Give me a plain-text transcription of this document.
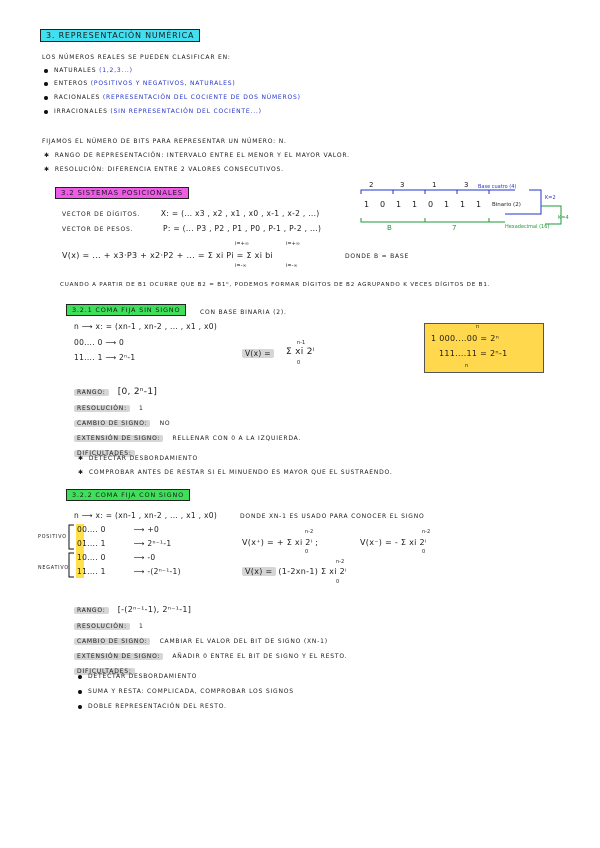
3. REPRESENTACIÓN NUMÉRICA
LOS NÚMEROS REALES SE PUEDEN CLASIFICAR EN:
NATURALES (1,2,3...)
ENTEROS (POSITIVOS Y NEGATIVOS, NATURALES)
RACIONALES (REPRESENTACIÓN DEL COCIENTE DE DOS NÚMEROS)
IRRACIONALES (SIN REPRESENTACIÓN DEL COCIENTE...)
FIJAMOS EL NÚMERO DE BITS PARA REPRESENTAR UN NÚMERO: N.
✱ RANGO DE REPRESENTACIÓN: INTERVALO ENTRE EL MENOR Y EL MAYOR VALOR.
✱ RESOLUCIÓN: DIFERENCIA ENTRE 2 VALORES CONSECUTIVOS.
3.2 SISTEMAS POSICIONALES
VECTOR DE DÍGITOS.	X: = (... x3 , x2 , x1 , x0 , x-1 , x-2 , ...)
VECTOR DE PESOS.	P: = (... P3 , P2 , P1 , P0 , P-1 , P-2 , ...)
V(x) = ... + x3·P3 + x2·P2 + ... = Σ xi Pi = Σ xi bi
i=+∞
i=-∞
i=+∞
i=-∞
DONDE B = BASE
CUANDO A PARTIR DE B1 OCURRE QUE B2 = B1ᴷ, PODEMOS FORMAR DÍGITOS DE B2 AGRUPANDO K VECES DÍGITOS DE B1.
2	3	1	3 Base cuatro (4)
K=2
1 0 1 1 0 1 1 1 Binario (2)
B	7	Hexadecimal (16)
K=4
3.2.1 COMA FIJA SIN SIGNO	CON BASE BINARIA (2).
n ⟶ x: = (xn-1 , xn-2 , ... , x1 , x0)
00.... 0 ⟶ 0
11.... 1 ⟶ 2ⁿ-1	V(x) =	Σ xi 2ⁱ
n-1
0
n
1 000....00 = 2ⁿ
111....11 = 2ⁿ-1
n
RANGO: [0, 2ⁿ-1]
RESOLUCIÓN: 1
CAMBIO DE SIGNO: NO
EXTENSIÓN DE SIGNO: RELLENAR CON 0 A LA IZQUIERDA.
DIFICULTADES:
✱ DETECTAR DESBORDAMIENTO
✱ COMPROBAR ANTES DE RESTAR SI EL MINUENDO ES MAYOR QUE EL SUSTRAENDO.
3.2.2 COMA FIJA CON SIGNO
n ⟶ x: = (xn-1 , xn-2 , ... , x1 , x0)	DONDE XN-1 ES USADO PARA CONOCER EL SIGNO
POSITIVO
NEGATIVO
00.... 0	⟶ +0
01.... 1	⟶ 2ⁿ⁻¹-1
10.... 0	⟶ -0
11.... 1	⟶ -(2ⁿ⁻¹-1)
V(x⁺) = + Σ xi 2ⁱ ;
n-2
0
V(x⁻) = - Σ xi 2ⁱ
n-2
0
V(x) = (1-2xn-1) Σ xi 2ⁱ
n-2
0
RANGO: [-(2ⁿ⁻¹-1), 2ⁿ⁻¹-1]
RESOLUCIÓN: 1
CAMBIO DE SIGNO: CAMBIAR EL VALOR DEL BIT DE SIGNO (XN-1)
EXTENSIÓN DE SIGNO: AÑADIR 0 ENTRE EL BIT DE SIGNO Y EL RESTO.
DIFICULTADES:
DETECTAR DESBORDAMIENTO
SUMA Y RESTA: COMPLICADA, COMPROBAR LOS SIGNOS
DOBLE REPRESENTACIÓN DEL RESTO.
